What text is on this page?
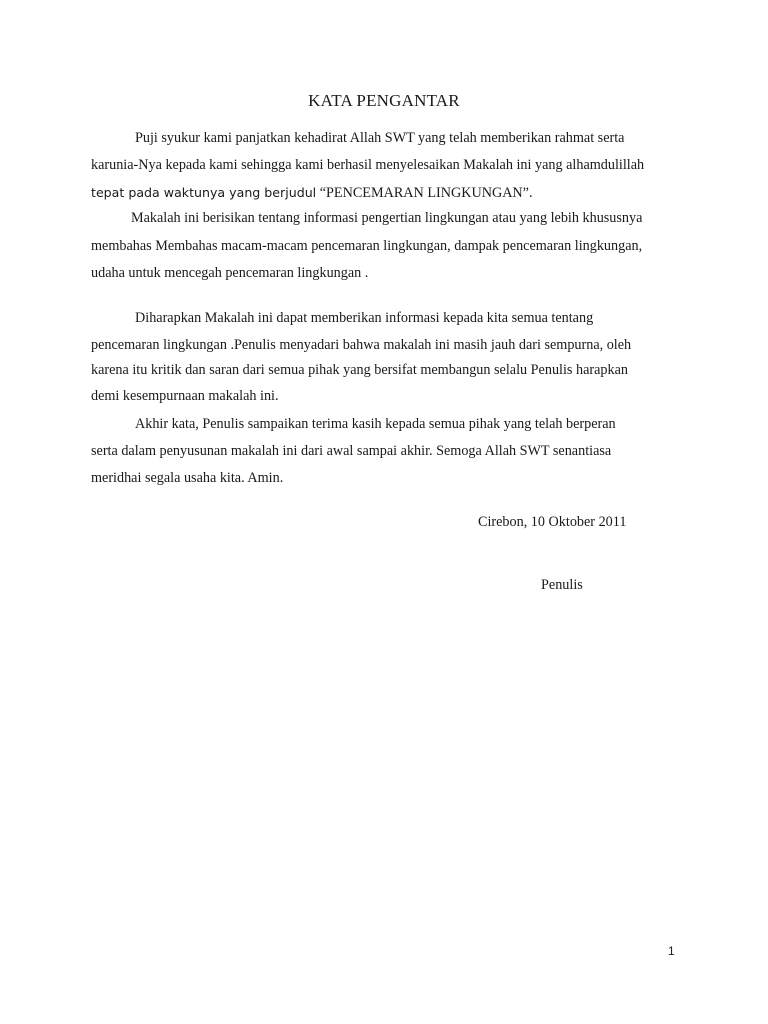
KATA PENGANTAR

Puji syukur kami panjatkan kehadirat Allah SWT yang telah memberikan rahmat serta

karunia-Nya kepada kami sehingga kami berhasil menyelesaikan Makalah ini yang alhamdulillah

tepat pada waktunya yang berjudul “PENCEMARAN LINGKUNGAN”.

Makalah ini berisikan tentang informasi pengertian lingkungan atau yang lebih khususnya

membahas Membahas macam-macam pencemaran lingkungan, dampak pencemaran lingkungan,

udaha untuk mencegah pencemaran lingkungan .

Diharapkan Makalah ini dapat memberikan informasi kepada kita semua tentang

pencemaran lingkungan .Penulis menyadari bahwa makalah ini masih jauh dari sempurna, oleh

karena itu kritik dan saran dari semua pihak yang bersifat membangun selalu Penulis harapkan

demi kesempurnaan makalah ini.

Akhir kata, Penulis sampaikan terima kasih kepada semua pihak yang telah berperan

serta dalam penyusunan makalah ini dari awal sampai akhir. Semoga Allah SWT senantiasa

meridhai segala usaha kita. Amin.

Cirebon, 10 Oktober 2011

Penulis

1
